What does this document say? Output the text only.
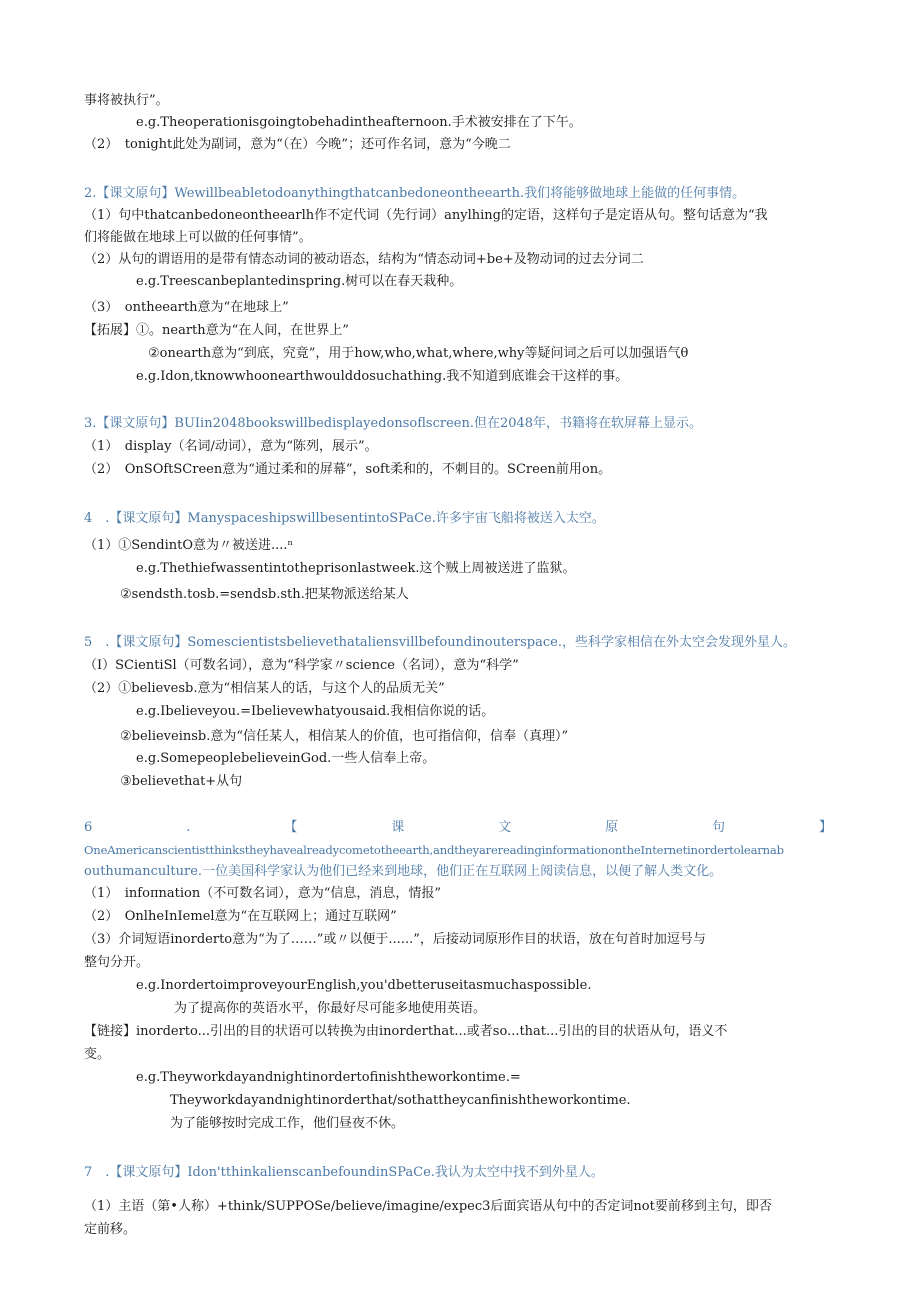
事将被执行”。
e.g.Theoperationisgoingtobehadintheafternoon.手术被安排在了下午。
（2）　tonight此处为副词，意为“（在）今晚”；还可作名词，意为“今晚二
2.【课文原句】Wewillbeabletodoanythingthatcanbedoneontheearth.我们将能够做地球上能做的任何事情。
（1）句中thatcanbedoneontheearlh作不定代词（先行词）anylhing的定语，这样句子是定语从句。整句话意为“我
们将能做在地球上可以做的任何事情”。
（2）从句的谓语用的是带有情态动词的被动语态，结构为“情态动词+be+及物动词的过去分词二
e.g.Treescanbeplantedinspring.树可以在春天栽种。
（3）　ontheearth意为“在地球上”
【拓展】①。nearth意为“在人间，在世界上”
②onearth意为“到底，究竟”，用于how,who,what,where,why等疑问词之后可以加强语气θ
e.g.Idon,tknowwhoonearthwoulddosuchathing.我不知道到底谁会干这样的事。
3.【课文原句】BUIin2048bookswillbedisplayedonsoflscreen.但在2048年，书籍将在软屏幕上显示。
（1）　display（名词/动词），意为“陈列，展示”。
（2）　OnSOftSCreen意为“通过柔和的屏幕”，soft柔和的，不刺目的。SCreen前用on。
4　.【课文原句】ManyspaceshipswillbesentintoSPaCe.许多宇宙飞船将被送入太空。
（1）①SendintO意为〃被送进....ⁿ
e.g.Thethiefwassentintotheprisonlastweek.这个贼上周被送进了监狱。
②sendsth.tosb.=sendsb.sth.把某物派送给某人
5　.【课文原句】Somescientistsbelievethataliensvillbefoundinouterspace.，些科学家相信在外太空会发现外星人。
（I）SCientiSl（可数名词），意为“科学家〃science（名词），意为“科学”
（2）①believesb.意为“相信某人的话，与这个人的品质无关”
e.g.Ibelieveyou.=Ibelievewhatyousaid.我相信你说的话。
②believeinsb.意为“信任某人，相信某人的价值，也可指信仰，信奉（真理）”
e.g.SomepeoplebelieveinGod.一些人信奉上帝。
③believethat+从句
6	.	【	课	文	原	句	】
OneAmericanscientistthinkstheyhavealreadycometotheearth,andtheyarereadinginformationontheInternetinordertolearnab
outhumanculture.一位美国科学家认为他们已经来到地球，他们正在互联网上阅读信息，以便了解人类文化。
（1）　infoπnation（不可数名词），意为“信息，消息，情报”
（2）　OnlheInIemel意为“在互联网上；通过互联网”
（3）介词短语inorderto意为“为了……”或〃以便于......”，后接动词原形作目的状语，放在句首时加逗号与
整句分开。
e.g.InordertoimproveyourEnglish,you'dbetteruseitasmuchaspossible.
为了提高你的英语水平，你最好尽可能多地使用英语。
【链接】inorderto...引出的目的状语可以转换为由inorderthat...或者so...that...引出的目的状语从句，语义不
变。
e.g.Theyworkdayandnightinordertofinishtheworkontime.=
Theyworkdayandnightinorderthat/sothattheycanfinishtheworkontime.
为了能够按时完成工作，他们昼夜不休。
7　.【课文原句】Idon'tthinkalienscanbefoundinSPaCe.我认为太空中找不到外星人。
（1）主语（第•人称）+think/SUPPOSe∕believe∕imagine∕expec3后面宾语从句中的否定词not要前移到主句，即否
定前移。
